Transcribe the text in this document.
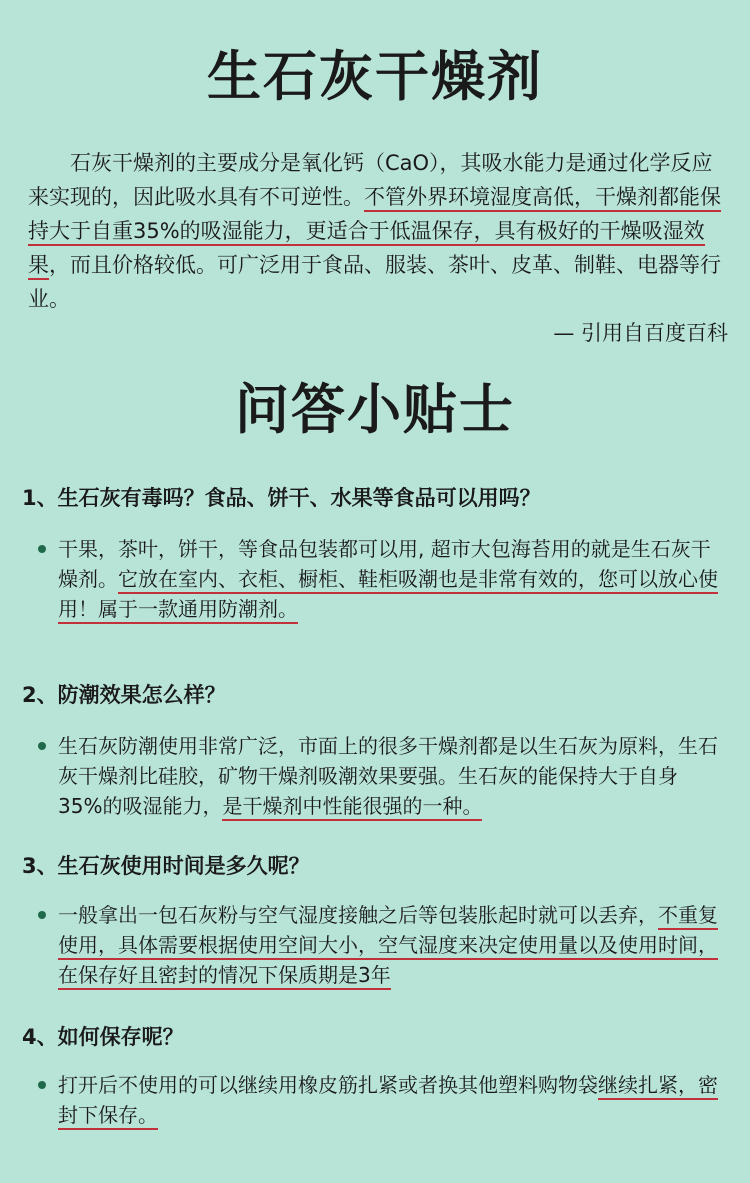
生石灰干燥剂

石灰干燥剂的主要成分是氧化钙（CaO），其吸水能力是通过化学反应来实现的，因此吸水具有不可逆性。不管外界环境湿度高低，干燥剂都能保持大于自重35%的吸湿能力，更适合于低温保存，具有极好的干燥吸湿效果，而且价格较低。可广泛用于食品、服装、茶叶、皮革、制鞋、电器等行业。

— 引用自百度百科
问答小贴士
1、生石灰有毒吗？食品、饼干、水果等食品可以用吗？
干果，茶叶，饼干，等食品包装都可以用, 超市大包海苔用的就是生石灰干燥剂。它放在室内、衣柜、橱柜、鞋柜吸潮也是非常有效的，您可以放心使用！属于一款通用防潮剂。
2、防潮效果怎么样？
生石灰防潮使用非常广泛，市面上的很多干燥剂都是以生石灰为原料，生石灰干燥剂比硅胶，矿物干燥剂吸潮效果要强。生石灰的能保持大于自身35%的吸湿能力，是干燥剂中性能很强的一种。
3、生石灰使用时间是多久呢？
一般拿出一包石灰粉与空气湿度接触之后等包装胀起时就可以丢弃，不重复使用，具体需要根据使用空间大小，空气湿度来决定使用量以及使用时间，在保存好且密封的情况下保质期是3年
4、如何保存呢？
打开后不使用的可以继续用橡皮筋扎紧或者换其他塑料购物袋继续扎紧，密封下保存。
